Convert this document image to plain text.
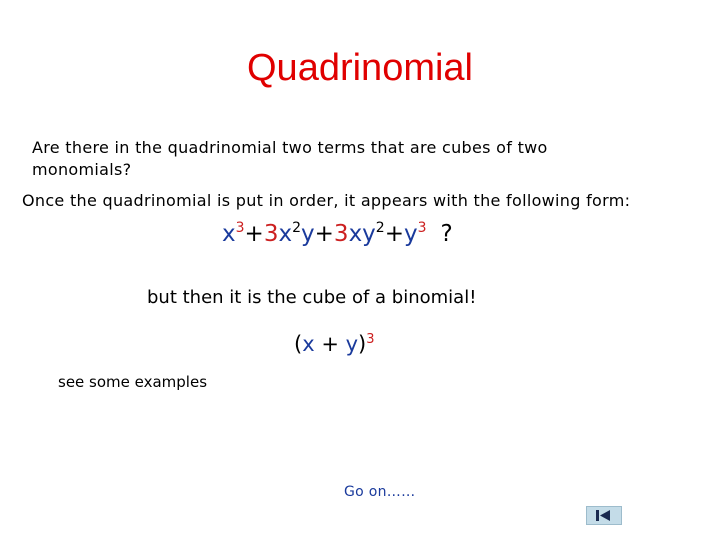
Quadrinomial
Are there in the quadrinomial two terms that are cubes of two monomials?
Once the quadrinomial is put in order, it appears with the following form:
$x^3+3x^2y+3xy^2+y^3$ ?
but then it is the cube of a binomial!
$(x + y)^3$
see some examples
Go on……
